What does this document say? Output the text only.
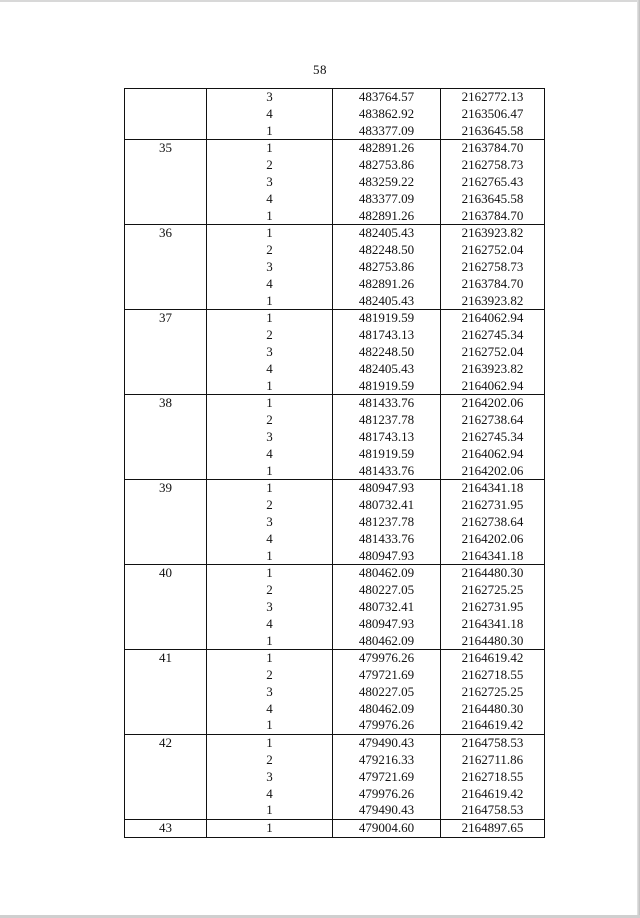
58
	3	483764.57	2162772.13
	4	483862.92	2163506.47
	1	483377.09	2163645.58
35	1	482891.26	2163784.70
	2	482753.86	2162758.73
	3	483259.22	2162765.43
	4	483377.09	2163645.58
	1	482891.26	2163784.70
36	1	482405.43	2163923.82
	2	482248.50	2162752.04
	3	482753.86	2162758.73
	4	482891.26	2163784.70
	1	482405.43	2163923.82
37	1	481919.59	2164062.94
	2	481743.13	2162745.34
	3	482248.50	2162752.04
	4	482405.43	2163923.82
	1	481919.59	2164062.94
38	1	481433.76	2164202.06
	2	481237.78	2162738.64
	3	481743.13	2162745.34
	4	481919.59	2164062.94
	1	481433.76	2164202.06
39	1	480947.93	2164341.18
	2	480732.41	2162731.95
	3	481237.78	2162738.64
	4	481433.76	2164202.06
	1	480947.93	2164341.18
40	1	480462.09	2164480.30
	2	480227.05	2162725.25
	3	480732.41	2162731.95
	4	480947.93	2164341.18
	1	480462.09	2164480.30
41	1	479976.26	2164619.42
	2	479721.69	2162718.55
	3	480227.05	2162725.25
	4	480462.09	2164480.30
	1	479976.26	2164619.42
42	1	479490.43	2164758.53
	2	479216.33	2162711.86
	3	479721.69	2162718.55
	4	479976.26	2164619.42
	1	479490.43	2164758.53
43	1	479004.60	2164897.65
